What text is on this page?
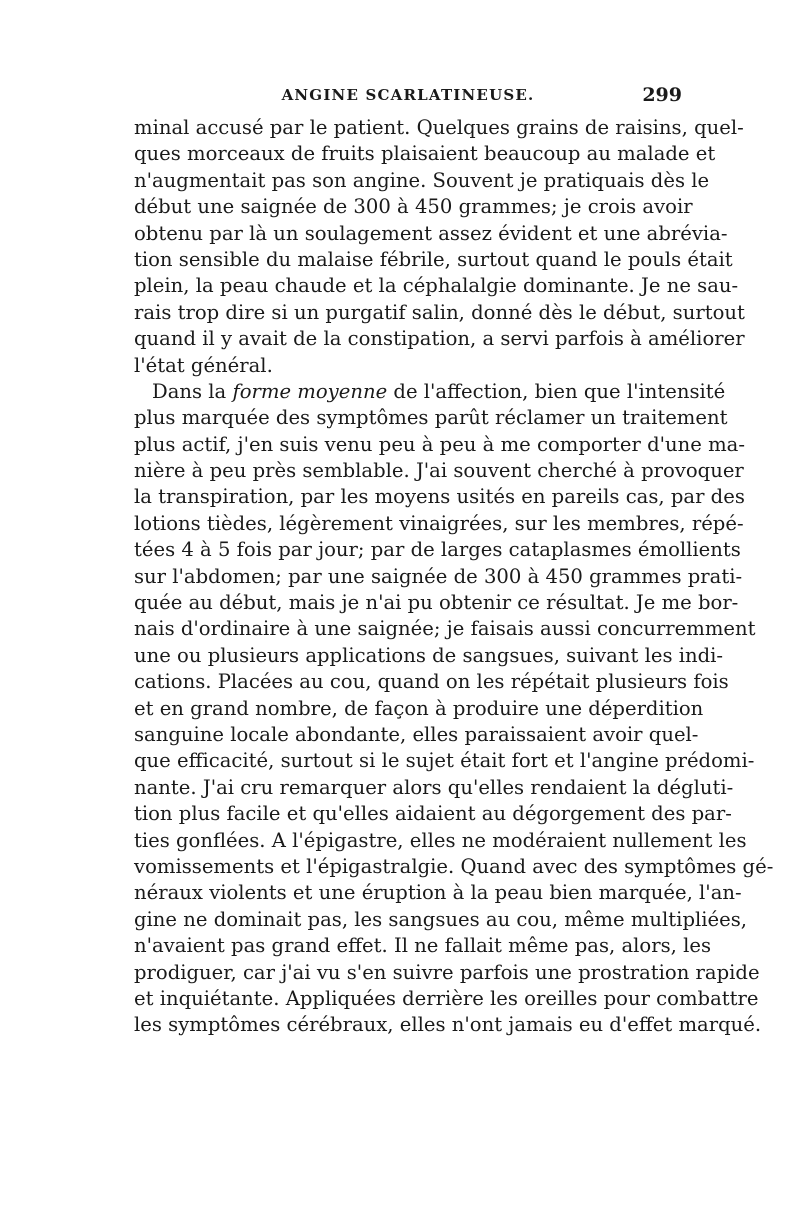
ANGINE SCARLATINEUSE.	299
minal accusé par le patient. Quelques grains de raisins, quel-
ques morceaux de fruits plaisaient beaucoup au malade et
n'augmentait pas son angine. Souvent je pratiquais dès le
début une saignée de 300 à 450 grammes; je crois avoir
obtenu par là un soulagement assez évident et une abrévia-
tion sensible du malaise fébrile, surtout quand le pouls était
plein, la peau chaude et la céphalalgie dominante. Je ne sau-
rais trop dire si un purgatif salin, donné dès le début, surtout
quand il y avait de la constipation, a servi parfois à améliorer
l'état général.
Dans la forme moyenne de l'affection, bien que l'intensité
plus marquée des symptômes parût réclamer un traitement
plus actif, j'en suis venu peu à peu à me comporter d'une ma-
nière à peu près semblable. J'ai souvent cherché à provoquer
la transpiration, par les moyens usités en pareils cas, par des
lotions tièdes, légèrement vinaigrées, sur les membres, répé-
tées 4 à 5 fois par jour; par de larges cataplasmes émollients
sur l'abdomen; par une saignée de 300 à 450 grammes prati-
quée au début, mais je n'ai pu obtenir ce résultat. Je me bor-
nais d'ordinaire à une saignée; je faisais aussi concurremment
une ou plusieurs applications de sangsues, suivant les indi-
cations. Placées au cou, quand on les répétait plusieurs fois
et en grand nombre, de façon à produire une déperdition
sanguine locale abondante, elles paraissaient avoir quel-
que efficacité, surtout si le sujet était fort et l'angine prédomi-
nante. J'ai cru remarquer alors qu'elles rendaient la dégluti-
tion plus facile et qu'elles aidaient au dégorgement des par-
ties gonflées. A l'épigastre, elles ne modéraient nullement les
vomissements et l'épigastralgie. Quand avec des symptômes gé-
néraux violents et une éruption à la peau bien marquée, l'an-
gine ne dominait pas, les sangsues au cou, même multipliées,
n'avaient pas grand effet. Il ne fallait même pas, alors, les
prodiguer, car j'ai vu s'en suivre parfois une prostration rapide
et inquiétante. Appliquées derrière les oreilles pour combattre
les symptômes cérébraux, elles n'ont jamais eu d'effet marqué.
